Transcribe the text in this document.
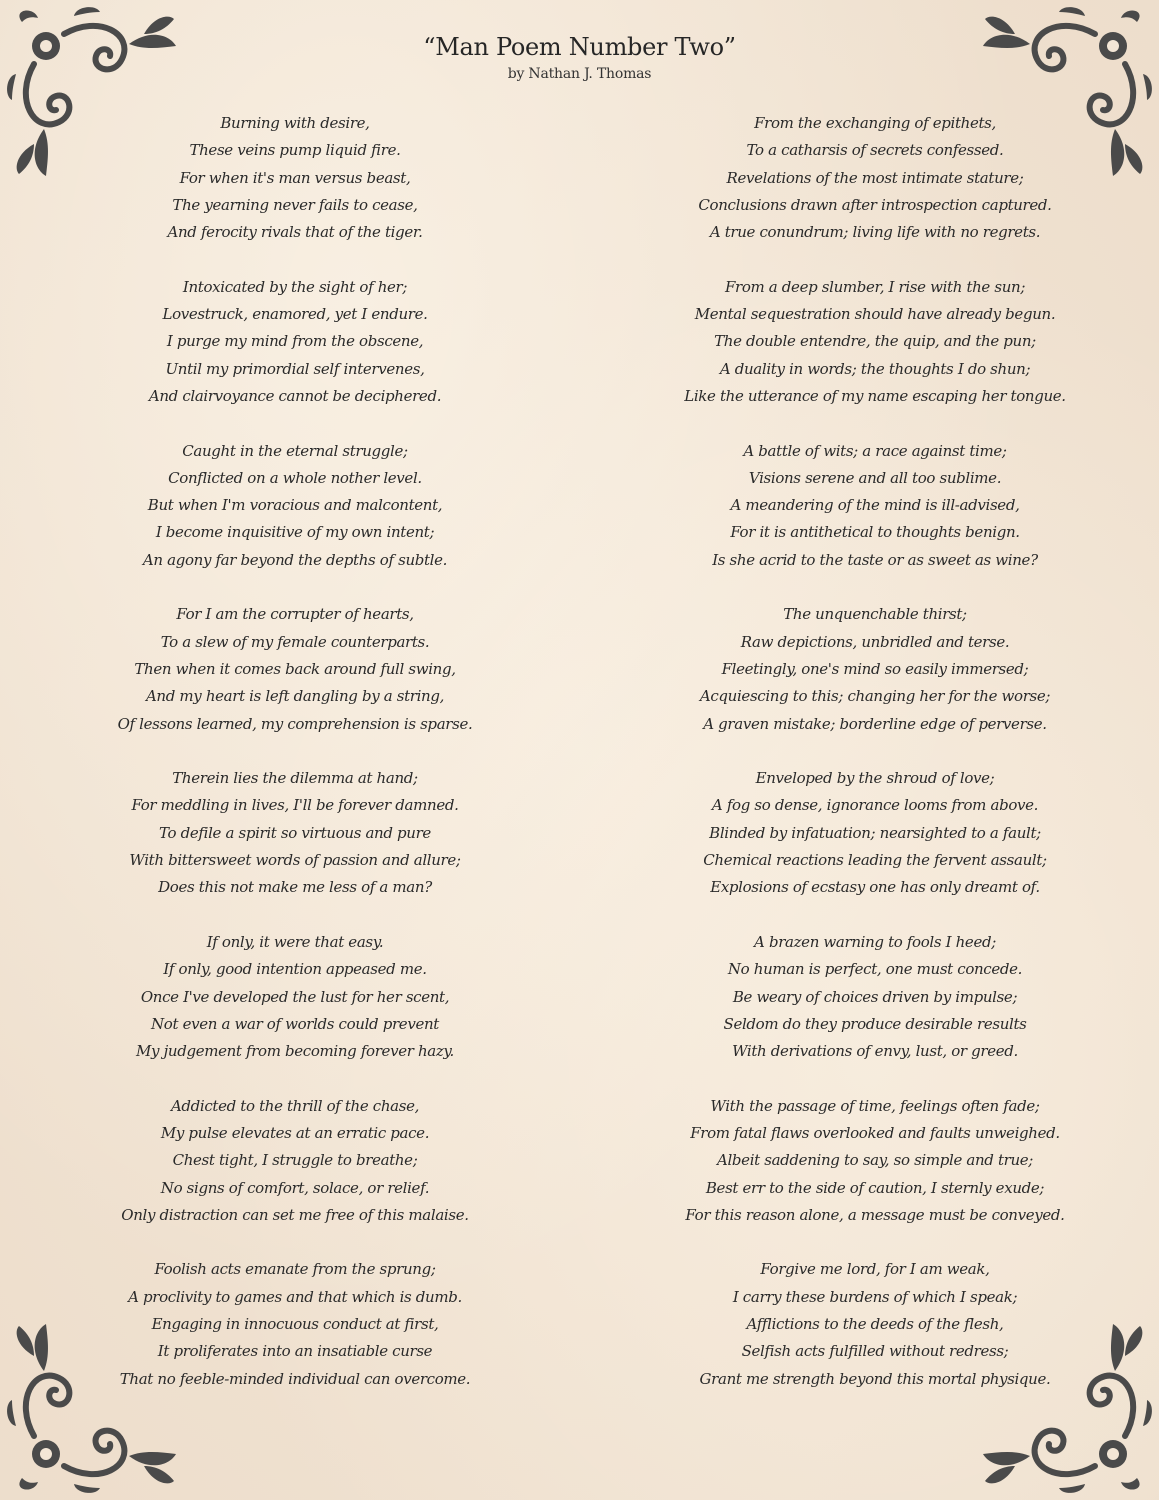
“Man Poem Number Two”
by Nathan J. Thomas
Burning with desire,
These veins pump liquid fire.
For when it's man versus beast,
The yearning never fails to cease,
And ferocity rivals that of the tiger.
Intoxicated by the sight of her;
Lovestruck, enamored, yet I endure.
I purge my mind from the obscene,
Until my primordial self intervenes,
And clairvoyance cannot be deciphered.
Caught in the eternal struggle;
Conflicted on a whole nother level.
But when I'm voracious and malcontent,
I become inquisitive of my own intent;
An agony far beyond the depths of subtle.
For I am the corrupter of hearts,
To a slew of my female counterparts.
Then when it comes back around full swing,
And my heart is left dangling by a string,
Of lessons learned, my comprehension is sparse.
Therein lies the dilemma at hand;
For meddling in lives, I'll be forever damned.
To defile a spirit so virtuous and pure
With bittersweet words of passion and allure;
Does this not make me less of a man?
If only, it were that easy.
If only, good intention appeased me.
Once I've developed the lust for her scent,
Not even a war of worlds could prevent
My judgement from becoming forever hazy.
Addicted to the thrill of the chase,
My pulse elevates at an erratic pace.
Chest tight, I struggle to breathe;
No signs of comfort, solace, or relief.
Only distraction can set me free of this malaise.
Foolish acts emanate from the sprung;
A proclivity to games and that which is dumb.
Engaging in innocuous conduct at first,
It proliferates into an insatiable curse
That no feeble-minded individual can overcome.
From the exchanging of epithets,
To a catharsis of secrets confessed.
Revelations of the most intimate stature;
Conclusions drawn after introspection captured.
A true conundrum; living life with no regrets.
From a deep slumber, I rise with the sun;
Mental sequestration should have already begun.
The double entendre, the quip, and the pun;
A duality in words; the thoughts I do shun;
Like the utterance of my name escaping her tongue.
A battle of wits; a race against time;
Visions serene and all too sublime.
A meandering of the mind is ill-advised,
For it is antithetical to thoughts benign.
Is she acrid to the taste or as sweet as wine?
The unquenchable thirst;
Raw depictions, unbridled and terse.
Fleetingly, one's mind so easily immersed;
Acquiescing to this; changing her for the worse;
A graven mistake; borderline edge of perverse.
Enveloped by the shroud of love;
A fog so dense, ignorance looms from above.
Blinded by infatuation; nearsighted to a fault;
Chemical reactions leading the fervent assault;
Explosions of ecstasy one has only dreamt of.
A brazen warning to fools I heed;
No human is perfect, one must concede.
Be weary of choices driven by impulse;
Seldom do they produce desirable results
With derivations of envy, lust, or greed.
With the passage of time, feelings often fade;
From fatal flaws overlooked and faults unweighed.
Albeit saddening to say, so simple and true;
Best err to the side of caution, I sternly exude;
For this reason alone, a message must be conveyed.
Forgive me lord, for I am weak,
I carry these burdens of which I speak;
Afflictions to the deeds of the flesh,
Selfish acts fulfilled without redress;
Grant me strength beyond this mortal physique.
